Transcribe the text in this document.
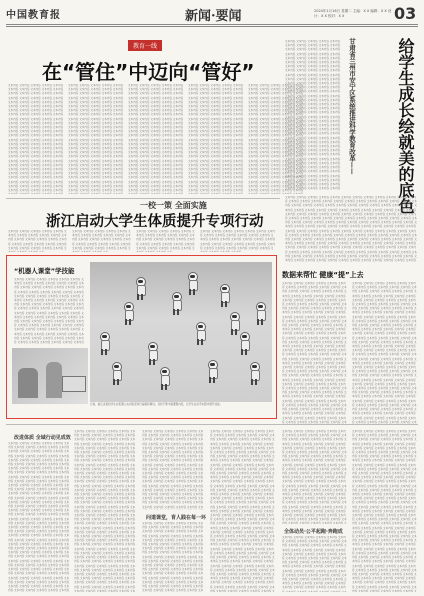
中国教育报	新闻·要闻	2024年1月16日 星期二 主编：X X 编辑：X X 设计：X X 校对：X X	03
教育一线
在“管住”中迈向“管好”
文本内容 文本内容 文本内容 文本内容 文本内容 文本内容 文本内容 文本内容 文本内容 文本内容 文本内容 文本内容 文本内容 文本内容 文本内容 文本内容 文本内容 文本内容 文本内容 文本内容 文本内容 文本内容 文本内容 文本内容 文本内容 文本内容 文本内容 文本内容 文本内容 文本内容 文本内容 文本内容 文本内容 文本内容 文本内容 文本内容 文本内容 文本内容 文本内容 文本内容 文本内容 文本内容 文本内容 文本内容 文本内容 文本内容 文本内容 文本内容 文本内容 文本内容 文本内容 文本内容 文本内容 文本内容 文本内容 文本内容 文本内容 文本内容 文本内容 文本内容 文本内容 文本内容 文本内容 文本内容 文本内容 文本内容 文本内容 文本内容 文本内容 文本内容 文本内容 文本内容 文本内容 文本内容 文本内容 文本内容 文本内容 文本内容 文本内容 文本内容 文本内容 文本内容 文本内容 文本内容 文本内容 文本内容 文本内容 文本内容 文本内容 文本内容 文本内容 文本内容 文本内容 文本内容 文本内容 文本内容 文本内容 文本内容 文本内容 文本内容 文本内容 文本内容 文本内容 文本内容 文本内容 文本内容 文本内容 文本内容 文本内容 文本内容 文本内容 文本内容 文本内容 文本内容 文本内容 文本内容 文本内容 文本内容 文本内容 文本内容 文本内容 文本内容 文本内容 文本内容 文本内容 文本内容 文本内容 文本内容 文本内容 文本内容
文本内容 文本内容 文本内容 文本内容 文本内容 文本内容 文本内容 文本内容 文本内容 文本内容 文本内容 文本内容 文本内容 文本内容 文本内容 文本内容 文本内容 文本内容 文本内容 文本内容 文本内容 文本内容 文本内容 文本内容 文本内容 文本内容 文本内容 文本内容 文本内容 文本内容 文本内容 文本内容 文本内容 文本内容 文本内容 文本内容 文本内容 文本内容 文本内容 文本内容 文本内容 文本内容 文本内容 文本内容 文本内容 文本内容 文本内容 文本内容 文本内容 文本内容 文本内容 文本内容 文本内容 文本内容 文本内容 文本内容 文本内容 文本内容 文本内容 文本内容 文本内容 文本内容 文本内容 文本内容 文本内容 文本内容 文本内容 文本内容 文本内容 文本内容 文本内容 文本内容 文本内容 文本内容 文本内容 文本内容 文本内容 文本内容 文本内容 文本内容 文本内容 文本内容 文本内容 文本内容 文本内容 文本内容 文本内容 文本内容 文本内容 文本内容 文本内容 文本内容 文本内容 文本内容 文本内容 文本内容 文本内容 文本内容 文本内容 文本内容 文本内容 文本内容 文本内容 文本内容 文本内容 文本内容 文本内容 文本内容 文本内容 文本内容 文本内容 文本内容 文本内容 文本内容 文本内容 文本内容 文本内容 文本内容 文本内容 文本内容 文本内容 文本内容 文本内容 文本内容 文本内容 文本内容 文本内容 文本内容 文本内容 文本内容
文本内容 文本内容 文本内容 文本内容 文本内容 文本内容 文本内容 文本内容 文本内容 文本内容 文本内容 文本内容 文本内容 文本内容 文本内容 文本内容 文本内容 文本内容 文本内容 文本内容 文本内容 文本内容 文本内容 文本内容 文本内容 文本内容 文本内容 文本内容 文本内容 文本内容 文本内容 文本内容 文本内容 文本内容 文本内容 文本内容 文本内容 文本内容 文本内容 文本内容 文本内容 文本内容 文本内容 文本内容 文本内容 文本内容 文本内容 文本内容 文本内容 文本内容 文本内容 文本内容 文本内容 文本内容 文本内容 文本内容 文本内容 文本内容 文本内容 文本内容 文本内容 文本内容 文本内容 文本内容 文本内容 文本内容 文本内容 文本内容 文本内容 文本内容 文本内容 文本内容 文本内容 文本内容 文本内容 文本内容 文本内容 文本内容 文本内容 文本内容 文本内容 文本内容 文本内容 文本内容 文本内容 文本内容 文本内容 文本内容 文本内容 文本内容 文本内容 文本内容 文本内容 文本内容 文本内容 文本内容 文本内容 文本内容 文本内容 文本内容 文本内容 文本内容 文本内容 文本内容 文本内容 文本内容 文本内容 文本内容 文本内容 文本内容 文本内容 文本内容 文本内容 文本内容 文本内容 文本内容 文本内容 文本内容 文本内容 文本内容 文本内容 文本内容 文本内容 文本内容 文本内容 文本内容 文本内容 文本内容 文本内容 文本内容
文本内容 文本内容 文本内容 文本内容 文本内容 文本内容 文本内容 文本内容 文本内容 文本内容 文本内容 文本内容 文本内容 文本内容 文本内容 文本内容 文本内容 文本内容 文本内容 文本内容 文本内容 文本内容 文本内容 文本内容 文本内容 文本内容 文本内容 文本内容 文本内容 文本内容 文本内容 文本内容 文本内容 文本内容 文本内容 文本内容 文本内容 文本内容 文本内容 文本内容 文本内容 文本内容 文本内容 文本内容 文本内容 文本内容 文本内容 文本内容 文本内容 文本内容 文本内容 文本内容 文本内容 文本内容 文本内容 文本内容 文本内容 文本内容 文本内容 文本内容 文本内容 文本内容 文本内容 文本内容 文本内容 文本内容 文本内容 文本内容 文本内容 文本内容 文本内容 文本内容 文本内容 文本内容 文本内容 文本内容 文本内容 文本内容 文本内容 文本内容 文本内容 文本内容 文本内容 文本内容 文本内容 文本内容 文本内容 文本内容 文本内容 文本内容 文本内容 文本内容 文本内容 文本内容 文本内容 文本内容 文本内容 文本内容 文本内容 文本内容 文本内容 文本内容 文本内容 文本内容 文本内容 文本内容 文本内容 文本内容 文本内容 文本内容 文本内容 文本内容 文本内容 文本内容 文本内容 文本内容 文本内容 文本内容 文本内容 文本内容 文本内容 文本内容 文本内容 文本内容 文本内容 文本内容 文本内容 文本内容 文本内容 文本内容
文本内容 文本内容 文本内容 文本内容 文本内容 文本内容 文本内容 文本内容 文本内容 文本内容 文本内容 文本内容 文本内容 文本内容 文本内容 文本内容 文本内容 文本内容 文本内容 文本内容 文本内容 文本内容 文本内容 文本内容 文本内容 文本内容 文本内容 文本内容 文本内容 文本内容 文本内容 文本内容 文本内容 文本内容 文本内容 文本内容 文本内容 文本内容 文本内容 文本内容 文本内容 文本内容 文本内容 文本内容 文本内容 文本内容 文本内容 文本内容 文本内容 文本内容 文本内容 文本内容 文本内容 文本内容 文本内容 文本内容 文本内容 文本内容 文本内容 文本内容 文本内容 文本内容 文本内容 文本内容 文本内容 文本内容 文本内容 文本内容 文本内容 文本内容 文本内容 文本内容 文本内容 文本内容 文本内容 文本内容 文本内容 文本内容 文本内容 文本内容 文本内容 文本内容 文本内容 文本内容 文本内容 文本内容 文本内容 文本内容 文本内容 文本内容 文本内容 文本内容 文本内容 文本内容 文本内容 文本内容 文本内容 文本内容 文本内容 文本内容 文本内容 文本内容 文本内容 文本内容 文本内容 文本内容 文本内容 文本内容 文本内容 文本内容 文本内容 文本内容 文本内容 文本内容 文本内容 文本内容 文本内容 文本内容 文本内容 文本内容 文本内容 文本内容 文本内容 文本内容 文本内容 文本内容 文本内容 文本内容 文本内容 文本内容
文本内容 文本内容 文本内容 文本内容 文本内容 文本内容 文本内容 文本内容 文本内容 文本内容 文本内容 文本内容 文本内容 文本内容 文本内容 文本内容 文本内容 文本内容 文本内容 文本内容 文本内容 文本内容 文本内容 文本内容 文本内容 文本内容 文本内容 文本内容 文本内容 文本内容 文本内容 文本内容 文本内容 文本内容 文本内容 文本内容 文本内容 文本内容 文本内容 文本内容 文本内容 文本内容 文本内容 文本内容 文本内容 文本内容 文本内容 文本内容 文本内容 文本内容 文本内容 文本内容 文本内容 文本内容 文本内容 文本内容 文本内容 文本内容 文本内容 文本内容 文本内容 文本内容 文本内容 文本内容 文本内容 文本内容 文本内容 文本内容 文本内容 文本内容 文本内容 文本内容 文本内容 文本内容 文本内容 文本内容 文本内容 文本内容 文本内容 文本内容 文本内容 文本内容 文本内容 文本内容 文本内容 文本内容 文本内容 文本内容 文本内容 文本内容 文本内容 文本内容 文本内容 文本内容 文本内容 文本内容 文本内容 文本内容 文本内容 文本内容 文本内容 文本内容 文本内容 文本内容 文本内容 文本内容 文本内容 文本内容 文本内容 文本内容 文本内容 文本内容 文本内容 文本内容 文本内容 文本内容 文本内容 文本内容 文本内容 文本内容 文本内容 文本内容 文本内容 文本内容 文本内容 文本内容 文本内容 文本内容 文本内容 文本内容 文本内容 文本内容 文本内容 文本内容 文本内容 文本内容 文本内容 文本内容 文本内容 文本内容 文本内容 文本内容 文本内容 文本内容 文本内容 文本内容 文本内容 文本内容 文本内容 文本内容 文本内容 文本内容 文本内容 文本内容 文本内容 文本内容 文本内容 文本内容 文本内容 文本内容 文本内容 文本内容 文本内容 文本内容 文本内容 文本内容 文本内容 文本内容 文本内容 文本内容 文本内容 文本内容 文本内容 文本内容 文本内容 文本内容 文本内容 文本内容 文本内容 文本内容
甘肃省兰州市安宁区系统推进科学教育改革——	给学生成长绘就美的底色
文本内容 文本内容 文本内容 文本内容 文本内容 文本内容 文本内容 文本内容 文本内容 文本内容 文本内容 文本内容 文本内容 文本内容 文本内容 文本内容 文本内容 文本内容 文本内容 文本内容 文本内容 文本内容 文本内容 文本内容 文本内容 文本内容 文本内容 文本内容 文本内容 文本内容 文本内容 文本内容 文本内容 文本内容 文本内容 文本内容 文本内容 文本内容 文本内容 文本内容 文本内容 文本内容 文本内容 文本内容 文本内容 文本内容 文本内容 文本内容 文本内容 文本内容 文本内容 文本内容 文本内容 文本内容 文本内容 文本内容 文本内容 文本内容 文本内容 文本内容 文本内容 文本内容 文本内容 文本内容 文本内容 文本内容 文本内容 文本内容 文本内容 文本内容 文本内容 文本内容 文本内容 文本内容 文本内容 文本内容 文本内容 文本内容 文本内容 文本内容 文本内容 文本内容 文本内容 文本内容 文本内容 文本内容 文本内容 文本内容 文本内容 文本内容 文本内容 文本内容 文本内容 文本内容 文本内容 文本内容 文本内容 文本内容 文本内容 文本内容 文本内容 文本内容 文本内容 文本内容 文本内容 文本内容 文本内容 文本内容 文本内容 文本内容 文本内容 文本内容 文本内容 文本内容 文本内容 文本内容 文本内容 文本内容 文本内容 文本内容 文本内容 文本内容 文本内容 文本内容 文本内容 文本内容 文本内容 文本内容 文本内容 文本内容 文本内容 文本内容 文本内容 文本内容 文本内容 文本内容 文本内容 文本内容 文本内容 文本内容 文本内容 文本内容 文本内容 文本内容 文本内容 文本内容 文本内容 文本内容 文本内容 文本内容 文本内容 文本内容 文本内容 文本内容 文本内容 文本内容 文本内容 文本内容 文本内容 文本内容 文本内容 文本内容 文本内容 文本内容 文本内容 文本内容 文本内容 文本内容 文本内容 文本内容 文本内容 文本内容 文本内容 文本内容 文本内容 文本内容 文本内容 文本内容 文本内容 文本内容 文本内容 文本内容 文本内容 文本内容 文本内容 文本内容 文本内容 文本内容
一校一策 全面实施
浙江启动大学生体质提升专项行动
文本内容 文本内容 文本内容 文本内容 文本内容 文本内容 文本内容 文本内容 文本内容 文本内容 文本内容 文本内容 文本内容 文本内容 文本内容 文本内容 文本内容 文本内容 文本内容 文本内容 文本内容 文本内容 文本内容 文本内容 文本内容 文本内容 文
文本内容 文本内容 文本内容 文本内容 文本内容 文本内容 文本内容 文本内容 文本内容 文本内容 文本内容 文本内容 文本内容 文本内容 文本内容 文本内容 文本内容 文本内容 文本内容 文本内容 文本内容 文本内容 文本内容 文本内容 文本内容 文本内容 文
文本内容 文本内容 文本内容 文本内容 文本内容 文本内容 文本内容 文本内容 文本内容 文本内容 文本内容 文本内容 文本内容 文本内容 文本内容 文本内容 文本内容 文本内容 文本内容 文本内容 文本内容 文本内容 文本内容 文本内容 文本内容 文本内容 文
文本内容 文本内容 文本内容 文本内容 文本内容 文本内容 文本内容 文本内容 文本内容 文本内容 文本内容 文本内容 文本内容 文本内容 文本内容 文本内容 文本内容 文本内容 文本内容 文本内容 文本内容 文本内容 文本内容 文本内容 文本内容 文本内容 文本内容 文本内容 文本内容 文本内容 文本内容 文本内容 文本内容 文
“机器人课堂”学技能
文本内容 文本内容 文本内容 文本内容 文本内容 文本内容 文本内容 文本内容 文本内容 文本内容 文本内容 文本内容 文本内容 文本内容 文本内容 文本内容 文本内容 文本内容 文本内容 文本内容 文本内容 文本内容 文本内容 文本内容 文本内容 文本内容 文本内容 文本内容 文本内容 文本内容 文本内容 文本内容 文本内容 文本内容 文本内容 文本内容 文本内容 文本内容 文本内容 文本内容 文本内容 文本内容 文本内容 文本内容 文本内容 文本内容 文本内容 文本内容 文本内容 文本内容 文本内容 文本内容 文本内容 文本内容 文本内容 文本内容 文本内容 文本内容 文本内容 文本内容 文本内容 文本内容 文本内容 文本内容 文本内容 文本内容 文本内容 文本内容 文本内容 文本内容 文本内容 文本内容 文本内容 文本内容 文本内容 文本内容 文本内容 文本内容 文本内容 文本内容 文本内容 文本内容 文本内容 文本内容 文本内容 文本内容 文本内容 文本内容 文本内容 文本内容 文本内容 文本内容 文本内容 文本内容 文本内容 文本内容 文本内容 文本内容 文本内容 文本内容
日前，浙江省某校学生在机器人实训室里进行编程和调试。该校不断丰富课程内容，让学生在动手实践中提升技能。
数据来帮忙 健康“提”上去
文本内容 文本内容 文本内容 文本内容 文本内容 文本内容 文本内容 文本内容 文本内容 文本内容 文本内容 文本内容 文本内容 文本内容 文本内容 文本内容 文本内容 文本内容 文本内容 文本内容 文本内容 文本内容 文本内容 文本内容 文本内容 文本内容 文本内容 文本内容 文本内容 文本内容 文本内容 文本内容 文本内容 文本内容 文本内容 文本内容 文本内容 文本内容 文本内容 文本内容 文本内容 文本内容 文本内容 文本内容 文本内容 文本内容 文本内容 文本内容 文本内容 文本内容 文本内容 文本内容 文本内容 文本内容 文本内容 文本内容 文本内容 文本内容 文本内容 文本内容 文本内容 文本内容 文本内容 文本内容 文本内容 文本内容 文本内容 文本内容 文本内容 文本内容 文本内容 文本内容 文本内容 文本内容 文本内容 文本内容 文本内容 文本内容 文本内容 文本内容 文本内容 文本内容 文本内容 文本内容 文本内容 文本内容 文本内容 文本内容 文本内容 文本内容 文本内容 文本内容 文本内容 文本内容 文本内容 文本内容 文本内容 文本内容 文本内容 文本内容 文本内容 文本内容 文本内容 文本内容 文本内容 文本内容 文本内容 文本内容 文本内容 文本内容 文本内容 文本内容 文本内容 文本内容 文本内容 文本内容 文本内容 文本内容 文本内容 文本内容 文本内容 文本内容 文本内容 文本内容 文本内容 文本内容 文本内容 文本内容 文本内容 文本内容 文本内容 文本内容 文本内容 文本内容 文本内容 文本内容 文本内容 文本内容 文本内容 文本内容 文本内容 文本内容 文本内容 文本内容 文本内容 文本内容 文本内容 文本内容 文本内容 文本内容 文本内容 文本内容 文本内容 文本内容 文本内容 文本内容 文本内容 文本内容 文本内容 文本内容 文本内容 文本内容 文本内容 文本内容 文本内容 文本内容 文本内容 文本内容 文本内容 文本内容 文本内容 文本内容 文本内容 文本内容 文本内容 文本内容 文本内容 文本内容 文本内容 文本内容 文本内容 文本内容 文本内容 文本内容 文本内容 文本内容 文本内容 文本内容 文本内容 文本内容 文本内容 文本内容 文本内容 文本内容 文本内容 文本
文本内容 文本内容 文本内容 文本内容 文本内容 文本内容 文本内容 文本内容 文本内容 文本内容 文本内容 文本内容 文本内容 文本内容 文本内容 文本内容 文本内容 文本内容 文本内容 文本内容 文本内容 文本内容 文本内容 文本内容 文本内容 文本内容 文本内容 文本内容 文本内容 文本内容 文本内容 文本内容 文本内容 文本内容 文本内容 文本内容 文本内容 文本内容 文本内容 文本内容 文本内容 文本内容 文本内容 文本内容 文本内容 文本内容 文本内容 文本内容 文本内容 文本内容 文本内容 文本内容 文本内容 文本内容 文本内容 文本内容 文本内容 文本内容 文本内容 文本内容 文本内容 文本内容 文本内容 文本内容 文本内容 文本内容 文本内容 文本内容 文本内容 文本内容 文本内容 文本内容 文本内容 文本内容 文本内容 文本内容 文本内容 文本内容 文本内容 文本内容 文本内容 文本内容 文本内容 文本内容 文本内容 文本内容 文本内容 文本内容 文本内容 文本内容 文本内容 文本内容 文本内容 文本内容 文本内容 文本内容 文本内容 文本内容 文本内容 文本内容 文本内容 文本内容 文本内容 文本内容 文本内容 文本内容 文本内容 文本内容 文本内容 文本内容 文本内容 文本内容 文本内容 文本内容 文本内容 文本内容 文本内容 文本内容 文本内容 文本内容 文本内容 文本内容 文本内容 文本内容 文本内容 文本内容 文本内容 文本内容 文本内容 文本内容 文本内容 文本内容 文本内容 文本内容 文本内容 文本内容 文本内容 文本内容 文本内容 文本内容 文本内容 文本内容 文本内容 文本内容 文本内容 文本内容 文本内容 文本内容 文本内容 文本内容 文本内容 文本内容 文本内容 文本内容 文本内容 文本内容 文本内容 文本内容 文本内容 文本内容 文本内容 文本内容 文本内容 文本内容 文本内容 文本内容 文本内容 文本内容 文本内容 文本内容 文本内容 文本内容 文本内容 文本内容 文本内容 文本内容 文本内容 文本内容 文本内容 文本内容 文本内容 文本内容 文本内容 文本内容 文本内容 文本内容 文本内容 文本内容 文本内容 文本内容 文本内容 文本内容 文本内容 文本内容 文本内容 文本
改进体质 全域行动见成效
文本内容 文本内容 文本内容 文本内容 文本内容 文本内容 文本内容 文本内容 文本内容 文本内容 文本内容 文本内容 文本内容 文本内容 文本内容 文本内容 文本内容 文本内容 文本内容 文本内容 文本内容 文本内容 文本内容 文本内容 文本内容 文本内容 文本内容 文本内容 文本内容 文本内容 文本内容 文本内容 文本内容 文本内容 文本内容 文本内容 文本内容 文本内容 文本内容 文本内容 文本内容 文本内容 文本内容 文本内容 文本内容 文本内容 文本内容 文本内容 文本内容 文本内容 文本内容 文本内容 文本内容 文本内容 文本内容 文本内容 文本内容 文本内容 文本内容 文本内容 文本内容 文本内容 文本内容 文本内容 文本内容 文本内容 文本内容 文本内容 文本内容 文本内容 文本内容 文本内容 文本内容 文本内容 文本内容 文本内容 文本内容 文本内容 文本内容 文本内容 文本内容 文本内容 文本内容 文本内容 文本内容 文本内容 文本内容 文本内容 文本内容 文本内容 文本内容 文本内容 文本内容 文本内容 文本内容 文本内容 文本内容 文本内容 文本内容 文本内容 文本内容 文本内容 文本内容 文本内容 文本内容 文本内容 文本内容 文本内容 文本内容 文本内容 文本内容 文本内容 文本内容 文本内容 文本内容 文本内容 文本内容 文本内容 文本内容 文本内容 文本内容 文本内容 文本内容 文本内容 文本内容 文本内容 文本内容 文本内容 文本内容 文本内容 文本内容 文本内容 文本内容 文本内容 文本内容 文本内容 文本内容 文本内容 文本内容 文本内容 文本内容 文本内容 文本内容 文本内容 文本内容 文本内容 文本内容 文本内容 文本内容 文本内容 文本内容 文本内容 文本内容 文本内容 文本内容 文本内容 文本内容 文本内容 文本内容 文本内容 文本内容 文本内容 文本内容 文本内容 文本内容 文本内容 文本内容 文本内容 文本内容 文本内容 文本内容 文本内容 文本内容 文本内容 文本内容 文本内容 文本内容 文本内容 文本内容 文本内容 文本内容 文本内容 文本内容 文本内容 文本内容 文本内容 文本内容 文本内容 文本内容 文本内容 文本内容 文本内容 文本内容 文本内容 文本内容 文本内容 文本内容 文本内容
文本内容 文本内容 文本内容 文本内容 文本内容 文本内容 文本内容 文本内容 文本内容 文本内容 文本内容 文本内容 文本内容 文本内容 文本内容 文本内容 文本内容 文本内容 文本内容 文本内容 文本内容 文本内容 文本内容 文本内容 文本内容 文本内容 文本内容 文本内容 文本内容 文本内容 文本内容 文本内容 文本内容 文本内容 文本内容 文本内容 文本内容 文本内容 文本内容 文本内容 文本内容 文本内容 文本内容 文本内容 文本内容 文本内容 文本内容 文本内容 文本内容 文本内容 文本内容 文本内容 文本内容 文本内容 文本内容 文本内容 文本内容 文本内容 文本内容 文本内容 文本内容 文本内容 文本内容 文本内容 文本内容 文本内容 文本内容 文本内容 文本内容 文本内容 文本内容 文本内容 文本内容 文本内容 文本内容 文本内容 文本内容 文本内容 文本内容 文本内容 文本内容 文本内容 文本内容 文本内容 文本内容 文本内容 文本内容 文本内容 文本内容 文本内容 文本内容 文本内容 文本内容 文本内容 文本内容 文本内容 文本内容 文本内容 文本内容 文本内容 文本内容 文本内容 文本内容 文本内容 文本内容 文本内容 文本内容 文本内容 文本内容 文本内容 文本内容 文本内容 文本内容 文本内容 文本内容 文本内容 文本内容 文本内容 文本内容 文本内容 文本内容 文本内容 文本内容 文本内容 文本内容 文本内容 文本内容 文本内容 文本内容 文本内容 文本内容 文本内容 文本内容 文本内容 文本内容 文本内容 文本内容 文本内容 文本内容 文本内容 文本内容 文本内容 文本内容 文本内容 文本内容 文本内容 文本内容 文本内容 文本内容 文本内容 文本内容 文本内容 文本内容 文本内容 文本内容 文本内容 文本内容 文本内容 文本内容 文本内容 文本内容 文本内容 文本内容 文本内容 文本内容 文本内容 文本内容 文本内容 文本内容 文本内容 文本内容 文本内容 文本内容 文本内容 文本内容 文本内容 文本内容 文本内容 文本内容 文本内容 文本内容 文本内容 文本内容 文本内容 文本内容 文本内容 文本内容 文本内容 文本内容 文本内容 文本内容 文本内容 文本内容 文本内容 文本内容 文本内容 文本内容 文本内容 文本内容 文本内容 文本内容 文本内容 文本内容 文本内容 文本内容 文本内容 文本内容 文本内容 文本内容 文本内容 文本内容 文本内容 文本内容 文本内容 文本
文本内容 文本内容 文本内容 文本内容 文本内容 文本内容 文本内容 文本内容 文本内容 文本内容 文本内容 文本内容 文本内容 文本内容 文本内容 文本内容 文本内容 文本内容 文本内容 文本内容 文本内容 文本内容 文本内容 文本内容 文本内容 文本内容 文本内容 文本内容 文本内容 文本内容 文本内容 文本内容 文本内容 文本内容 文本内容 文本内容 文本内容 文本内容 文本内容 文本内容 文本内容 文本内容 文本内容 文本内容 文本内容 文本内容 文本内容 文本内容 文本内容 文本内容 文本内容 文本内容 文本内容 文本内容 文本内容 文本内容 文本内容 文本内容 文本内容 文本内容 文本内容 文本内容 文本内容 文本内容 文本内容 文本内容 文本内容 文本内容 文本内容 文本内容 文本内容 文本内容 文本内容 文本内容 文本内容 文本内容 文本内容 文本内容 文本内容 文本内容 文本内容 文本内容 文本内容 文本内容 文本内容 文本内容 文本内容 文本内容 文本内容 文本内容 文本内容 文本内容 文本内容 文本内容 文本内容 文本内容 文本内容 文本内容 文本内容 文本内容 文本内容 文本内容 文本内容 文本内容 文本
问道课堂，育人践在每一环
文本内容 文本内容 文本内容 文本内容 文本内容 文本内容 文本内容 文本内容 文本内容 文本内容 文本内容 文本内容 文本内容 文本内容 文本内容 文本内容 文本内容 文本内容 文本内容 文本内容 文本内容 文本内容 文本内容 文本内容 文本内容 文本内容 文本内容 文本内容 文本内容 文本内容 文本内容 文本内容 文本内容 文本内容 文本内容 文本内容 文本内容 文本内容 文本内容 文本内容 文本内容 文本内容 文本内容 文本内容 文本内容 文本内容 文本内容 文本内容 文本内容 文本内容 文本内容 文本内容 文本内容 文本内容 文本内容 文本内容 文本内容 文本内容 文本内容 文本内容 文本内容 文本内容 文本内容 文本内容 文本内容 文本内容 文本内容 文本内容 文本内容 文本内容 文本内容 文本内容 文本内容 文本内容 文本内容 文本内容 文本内容 文本内容 文本内容 文本内容 文本内容 文本内容 文本内容 文本内容 文本内容 文本内容 文本内容 文本内容 文本内容 文本内容 文本内容 文本内容 文本内容 文本
文本内容 文本内容 文本内容 文本内容 文本内容 文本内容 文本内容 文本内容 文本内容 文本内容 文本内容 文本内容 文本内容 文本内容 文本内容 文本内容 文本内容 文本内容 文本内容 文本内容 文本内容 文本内容 文本内容 文本内容 文本内容 文本内容 文本内容 文本内容 文本内容 文本内容 文本内容 文本内容 文本内容 文本内容 文本内容 文本内容 文本内容 文本内容 文本内容 文本内容 文本内容 文本内容 文本内容 文本内容 文本内容 文本内容 文本内容 文本内容 文本内容 文本内容 文本内容 文本内容 文本内容 文本内容 文本内容 文本内容 文本内容 文本内容 文本内容 文本内容 文本内容 文本内容 文本内容 文本内容 文本内容 文本内容 文本内容 文本内容 文本内容 文本内容 文本内容 文本内容 文本内容 文本内容 文本内容 文本内容 文本内容 文本内容 文本内容 文本内容 文本内容 文本内容 文本内容 文本内容 文本内容 文本内容 文本内容 文本内容 文本内容 文本内容 文本内容 文本内容 文本内容 文本内容 文本内容 文本内容 文本内容 文本内容 文本内容 文本内容 文本内容 文本内容 文本内容 文本内容 文本内容 文本内容 文本内容 文本内容 文本内容 文本内容 文本内容 文本内容 文本内容 文本内容 文本内容 文本内容 文本内容 文本内容 文本内容 文本内容 文本内容 文本内容 文本内容 文本内容 文本内容 文本内容 文本内容 文本内容 文本内容 文本内容 文本内容 文本内容 文本内容 文本内容 文本内容 文本内容 文本内容 文本内容 文本内容 文本内容 文本内容 文本内容 文本内容 文本内容 文本内容 文本内容 文本内容 文本内容 文本内容 文本内容 文本内容 文本内容 文本内容 文本内容 文本内容 文本内容 文本内容 文本内容 文本内容 文本内容 文本内容 文本内容 文本内容 文本内容 文本内容 文本内容 文本内容 文本内容 文本内容 文本内容 文本内容 文本内容 文本内容 文本内容 文本内容 文本内容 文本内容 文本内容 文本内容 文本内容 文本内容 文本内容 文本内容 文本内容 文本内容 文本内容 文本内容 文本内容 文本内容 文本内容 文本内容 文本内容 文本内容 文本内容 文本内容 文本内容 文本内容 文本内容 文本内容 文本内容 文本内容 文本内容 文本内容 文本内容 文本内容 文本内容 文本内容 文本内容 文本内容 文本内容 文本内容 文本内容 文本内容 文本内容 文本内容 文本内容 文本内容 文本内容 文本内容 文本内容 文本内容 文本内容 文本内容 文本内容 文
文本内容 文本内容 文本内容 文本内容 文本内容 文本内容 文本内容 文本内容 文本内容 文本内容 文本内容 文本内容 文本内容 文本内容 文本内容 文本内容 文本内容 文本内容 文本内容 文本内容 文本内容 文本内容 文本内容 文本内容 文本内容 文本内容 文本内容 文本内容 文本内容 文本内容 文本内容 文本内容 文本内容 文本内容 文本内容 文本内容 文本内容 文本内容 文本内容 文本内容 文本内容 文本内容 文本内容 文本内容 文本内容 文本内容 文本内容 文本内容 文本内容 文本内容 文本内容 文本内容 文本内容 文本内容 文本内容 文本内容 文本内容 文本内容 文本内容 文本内容 文本内容 文本内容 文本内容 文本内容 文本内容 文本内容 文本内容 文本内容 文本内容 文本内容 文本内容 文本内容 文本内容 文本内容 文本内容 文本内容 文本内容 文本内容 文本内容 文本内容 文本内容 文本内容 文本内容 文本内容 文本内容 文本内容 文本内容 文本内容 文本内容 文本内容 文本内容 文本内容 文本内容 文本内容 文本内容 文本内容 文本内容 文本内容 文本内容 文本内容 文本内容 文本内容 文本内容 文本内容 文本内容 文本内容 文本内容 文本内容 文本内容 文本内容 文本内容 文本内容 文本内容 文本内容 文本内容 文本内容 文本内容 文本内容 文本内容 文本内容 文本内容 文本内容 文本内容 文本内容 文本内容 文本内容 文本内容 文本内容 文本内容 文本内容 文本内容 文本内容 文
全体动员·公平起跑·奔跑成
文本内容 文本内容 文本内容 文本内容 文本内容 文本内容 文本内容 文本内容 文本内容 文本内容 文本内容 文本内容 文本内容 文本内容 文本内容 文本内容 文本内容 文本内容 文本内容 文本内容 文本内容 文本内容 文本内容 文本内容 文本内容 文本内容 文本内容 文本内容 文本内容 文本内容 文本内容 文本内容 文本内容 文本内容 文本内容 文本内容 文本内容 文本内容 文本内容 文本内容 文本内容 文本内容 文本内容 文本内容 文本内容 文本内容 文本内容 文本内容 文本内容 文本内容 文本内容 文本内容 文本内容 文本内容 文本内容 文本内容 文本内容 文本内容 文本内容 文本内容 文本内容 文本内容 文本内容 文本内容 文本内容 文本内容 文本内容 文本内容 文本内容 文本内容 文本内容 文本内容 文本内容 文本内容 文本内
文本内容 文本内容 文本内容 文本内容 文本内容 文本内容 文本内容 文本内容 文本内容 文本内容 文本内容 文本内容 文本内容 文本内容 文本内容 文本内容 文本内容 文本内容 文本内容 文本内容 文本内容 文本内容 文本内容 文本内容 文本内容 文本内容 文本内容 文本内容 文本内容 文本内容 文本内容 文本内容 文本内容 文本内容 文本内容 文本内容 文本内容 文本内容 文本内容 文本内容 文本内容 文本内容 文本内容 文本内容 文本内容 文本内容 文本内容 文本内容 文本内容 文本内容 文本内容 文本内容 文本内容 文本内容 文本内容 文本内容 文本内容 文本内容 文本内容 文本内容 文本内容 文本内容 文本内容 文本内容 文本内容 文本内容 文本内容 文本内容 文本内容 文本内容 文本内容 文本内容 文本内容 文本内容 文本内容 文本内容 文本内容 文本内容 文本内容 文本内容 文本内容 文本内容 文本内容 文本内容 文本内容 文本内容 文本内容 文本内容 文本内容 文本内容 文本内容 文本内容 文本内容 文本内容 文本内容 文本内容 文本内容 文本内容 文本内容 文本内容 文本内容 文本内容 文本内容 文本内容 文本内容 文本内容 文本内容 文本内容 文本内容 文本内容 文本内容 文本内容 文本内容 文本内容 文本内容 文本内容 文本内容 文本内容 文本内容 文本内容 文本内容 文本内容 文本内容 文本内容 文本内容 文本内容 文本内容 文本内容 文本内容 文本内容 文本内容 文本内容 文本内容 文本内容 文本内容 文本内容 文本内容 文本内容 文本内容 文本内容 文本内容 文本内容 文本内容 文本内容 文本内容 文本内容 文本内容 文本内容 文本内容 文本内容 文本内容 文本内容 文本内容 文本内容 文本内容 文本内容 文本内容 文本内容 文本内容 文本内容 文本内容 文本内容 文本内容 文本内容 文本内容 文本内容 文本内容 文本内容 文本内容 文本内容 文本内容 文本内容 文本内容 文本内容 文本内容 文本内容 文本内容 文本内容 文本内容 文本内容 文本内容 文本内容 文本内容 文本内容 文本内容 文本内容 文本内容 文本内容 文本内容 文本内容 文本内容 文本内容 文本内容 文本内容 文本内容 文本内容 文本内容 文本内容 文本内容 文本内容 文本内容 文本内容 文本内容 文本内容 文本内容 文本内容 文本内容 文本内容 文本内容 文本内容 文本内容 文本内容 文本内容 文本内容 文本内容 文本内容 文本内容 文本内容 文本内容 文本内容 文本内容 文本内容 文本内容 文本内容 文
